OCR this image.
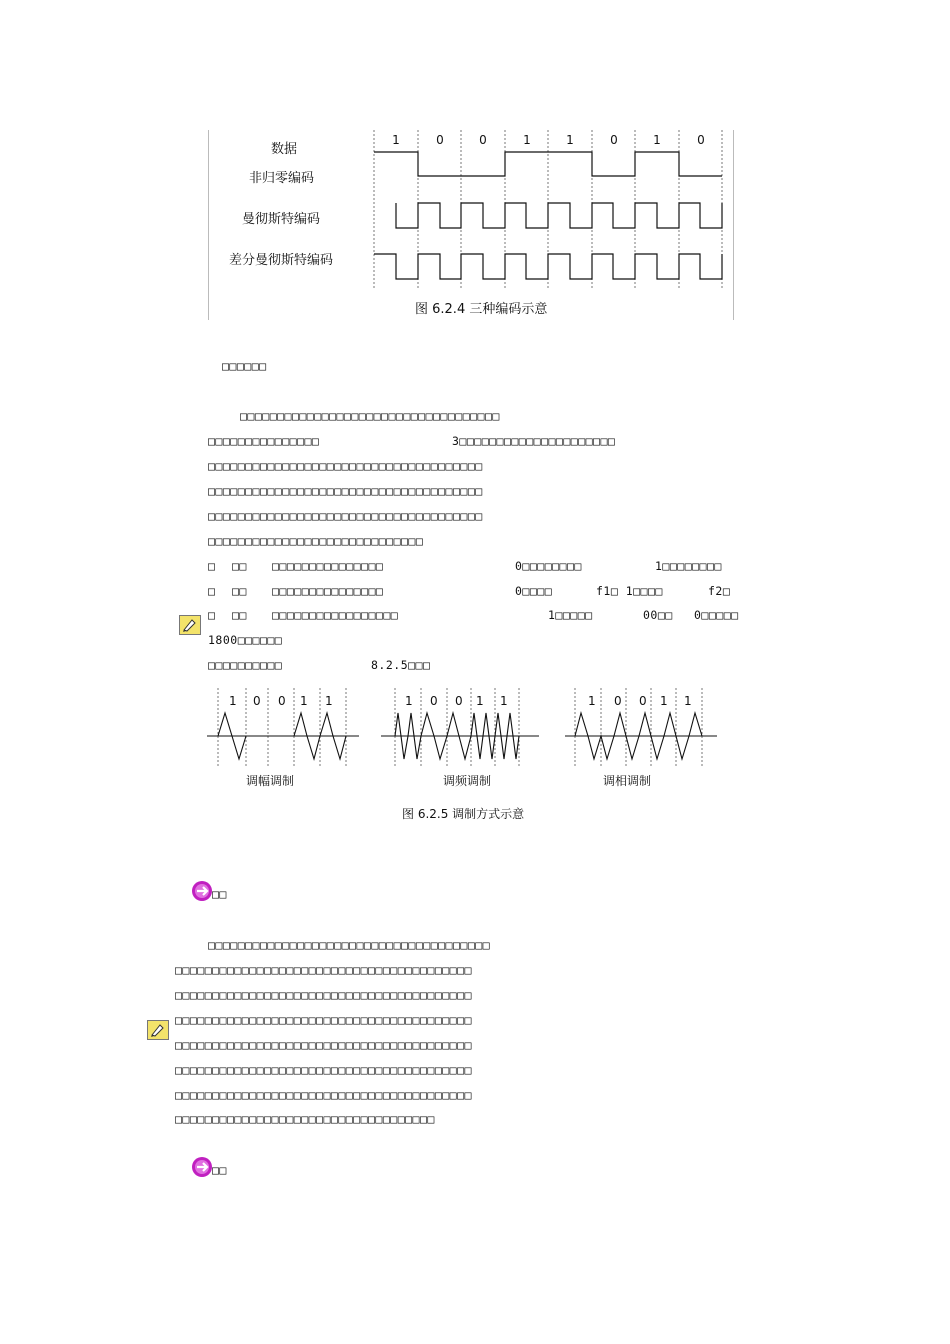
数据
非归零编码
曼彻斯特编码
差分曼彻斯特编码
1	0	0	1	1	0	1	0
图 6.2.4 三种编码示意
□□□□□□
□□□□□□□□□□□□□□□□□□□□□□□□□□□□□□□□□□□
□□□□□□□□□□□□□□□	3□□□□□□□□□□□□□□□□□□□□□
□□□□□□□□□□□□□□□□□□□□□□□□□□□□□□□□□□□□□
□□□□□□□□□□□□□□□□□□□□□□□□□□□□□□□□□□□□□
□□□□□□□□□□□□□□□□□□□□□□□□□□□□□□□□□□□□□
□□□□□□□□□□□□□□□□□□□□□□□□□□□□□
□ □□ □□□□□□□□□□□□□□□	0□□□□□□□□	1□□□□□□□□
□ □□ □□□□□□□□□□□□□□□	0□□□□	f1□ 1□□□□	f2□
□ □□ □□□□□□□□□□□□□□□□□	1□□□□□	00□□ 0□□□□□
1800□□□□□□
□□□□□□□□□□	8.2.5□□□
1 0 0 1 1	1 0 0 1 1	1 0 0 1 1
调幅调制	调频调制	调相调制
图 6.2.5 调制方式示意
□□
□□□□□□□□□□□□□□□□□□□□□□□□□□□□□□□□□□□□□□
□□□□□□□□□□□□□□□□□□□□□□□□□□□□□□□□□□□□□□□□
□□□□□□□□□□□□□□□□□□□□□□□□□□□□□□□□□□□□□□□□
□□□□□□□□□□□□□□□□□□□□□□□□□□□□□□□□□□□□□□□□
□□□□□□□□□□□□□□□□□□□□□□□□□□□□□□□□□□□□□□□□
□□□□□□□□□□□□□□□□□□□□□□□□□□□□□□□□□□□□□□□□
□□□□□□□□□□□□□□□□□□□□□□□□□□□□□□□□□□□□□□□□
□□□□□□□□□□□□□□□□□□□□□□□□□□□□□□□□□□□
□□
